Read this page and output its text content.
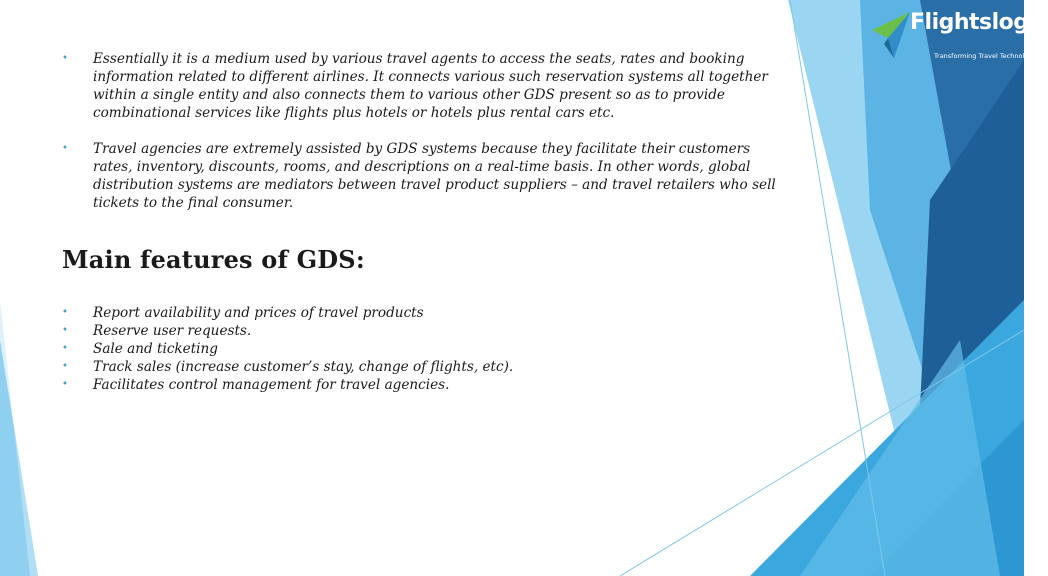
Flightslogic
Transforming Travel Technology
• Essentially it is a medium used by various travel agents to access the seats, rates and booking information related to different airlines. It connects various such reservation systems all together within a single entity and also connects them to various other GDS present so as to provide combinational services like flights plus hotels or hotels plus rental cars etc.
• Travel agencies are extremely assisted by GDS systems because they facilitate their customers rates, inventory, discounts, rooms, and descriptions on a real-time basis. In other words, global distribution systems are mediators between travel product suppliers – and travel retailers who sell tickets to the final consumer.
Main features of GDS:
• Report availability and prices of travel products
• Reserve user requests.
• Sale and ticketing
• Track sales (increase customer’s stay, change of flights, etc).
• Facilitates control management for travel agencies.
